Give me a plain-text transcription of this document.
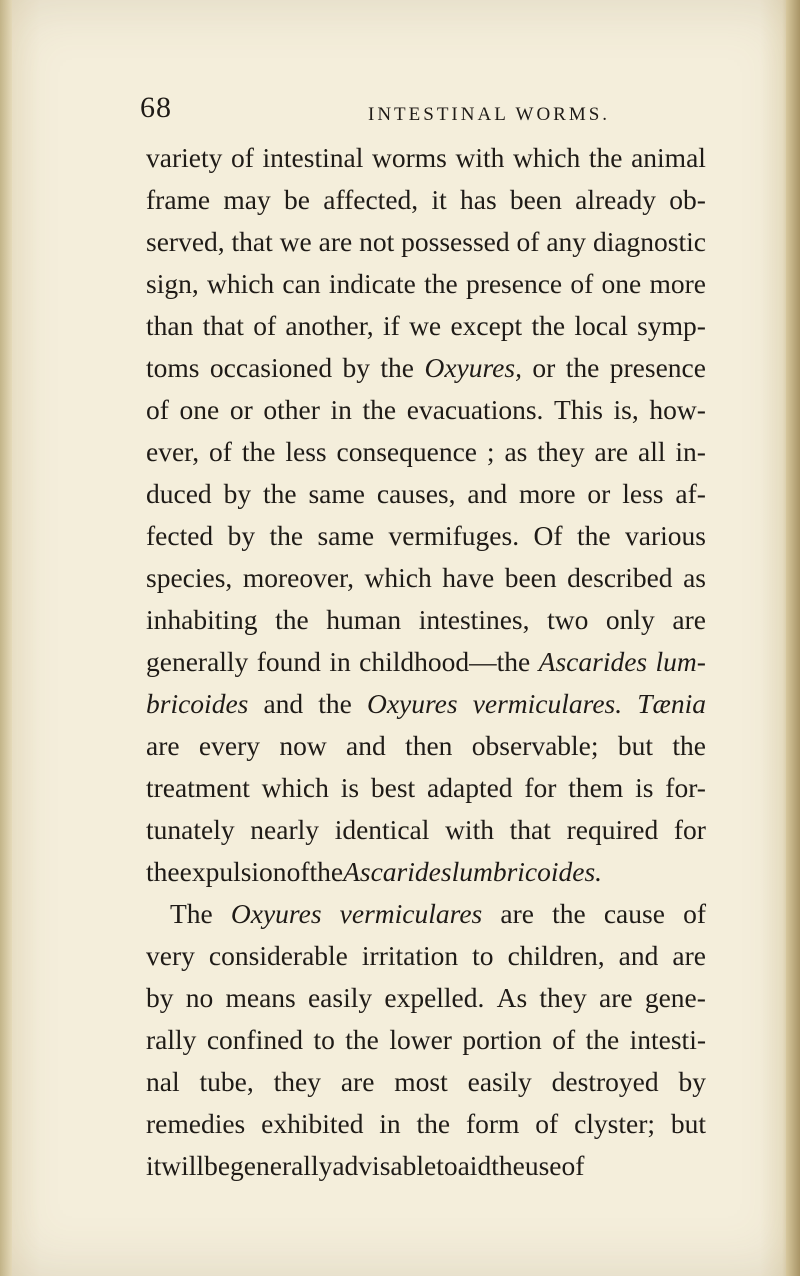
68	INTESTINAL WORMS.
variety of intestinal worms with which the animal
frame may be affected, it has been already ob-
served, that we are not possessed of any diagnostic
sign, which can indicate the presence of one more
than that of another, if we except the local symp-
toms occasioned by the Oxyures, or the presence
of one or other in the evacuations. This is, how-
ever, of the less consequence ; as they are all in-
duced by the same causes, and more or less af-
fected by the same vermifuges. Of the various
species, moreover, which have been described as
inhabiting the human intestines, two only are
generally found in childhood—the Ascarides lum-
bricoides and the Oxyures vermiculares. Tænia
are every now and then observable; but the
treatment which is best adapted for them is for-
tunately nearly identical with that required for
the expulsion of the Ascarides lumbricoides.
The Oxyures vermiculares are the cause of
very considerable irritation to children, and are
by no means easily expelled. As they are gene-
rally confined to the lower portion of the intesti-
nal tube, they are most easily destroyed by
remedies exhibited in the form of clyster; but
it will be generally advisable to aid the use of
